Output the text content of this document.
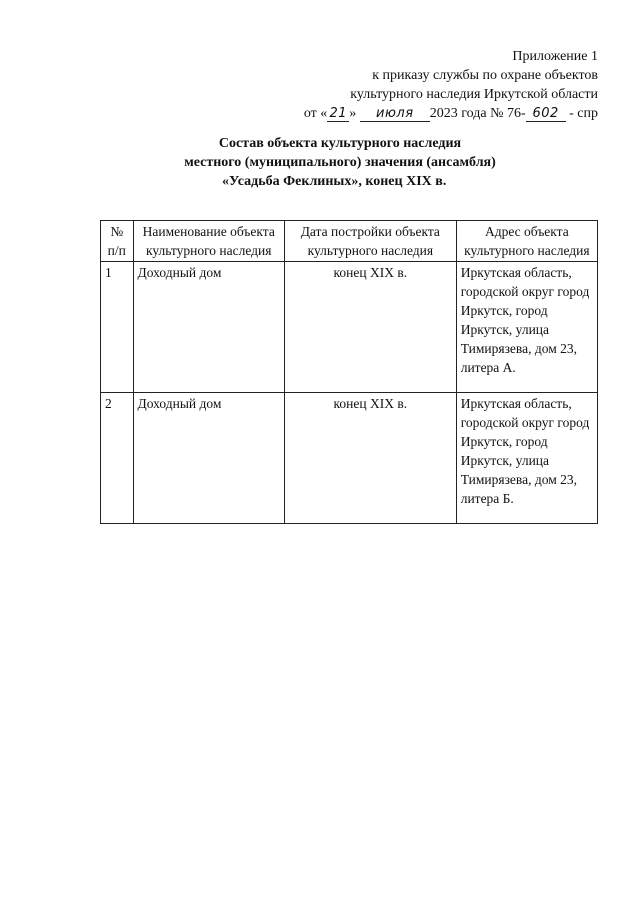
Приложение 1
к приказу службы по охране объектов
культурного наследия Иркутской области
от « 21 » июля 2023 года № 76- 602 - спр
Состав объекта культурного наследия
местного (муниципального) значения (ансамбля)
«Усадьба Феклиных», конец XIX в.
№ п/п	Наименование объекта культурного наследия	Дата постройки объекта культурного наследия	Адрес объекта культурного наследия
1	Доходный дом	конец XIX в.	Иркутская область, городской округ город Иркутск, город Иркутск, улица Тимирязева, дом 23, литера А.
2	Доходный дом	конец XIX в.	Иркутская область, городской округ город Иркутск, город Иркутск, улица Тимирязева, дом 23, литера Б.
